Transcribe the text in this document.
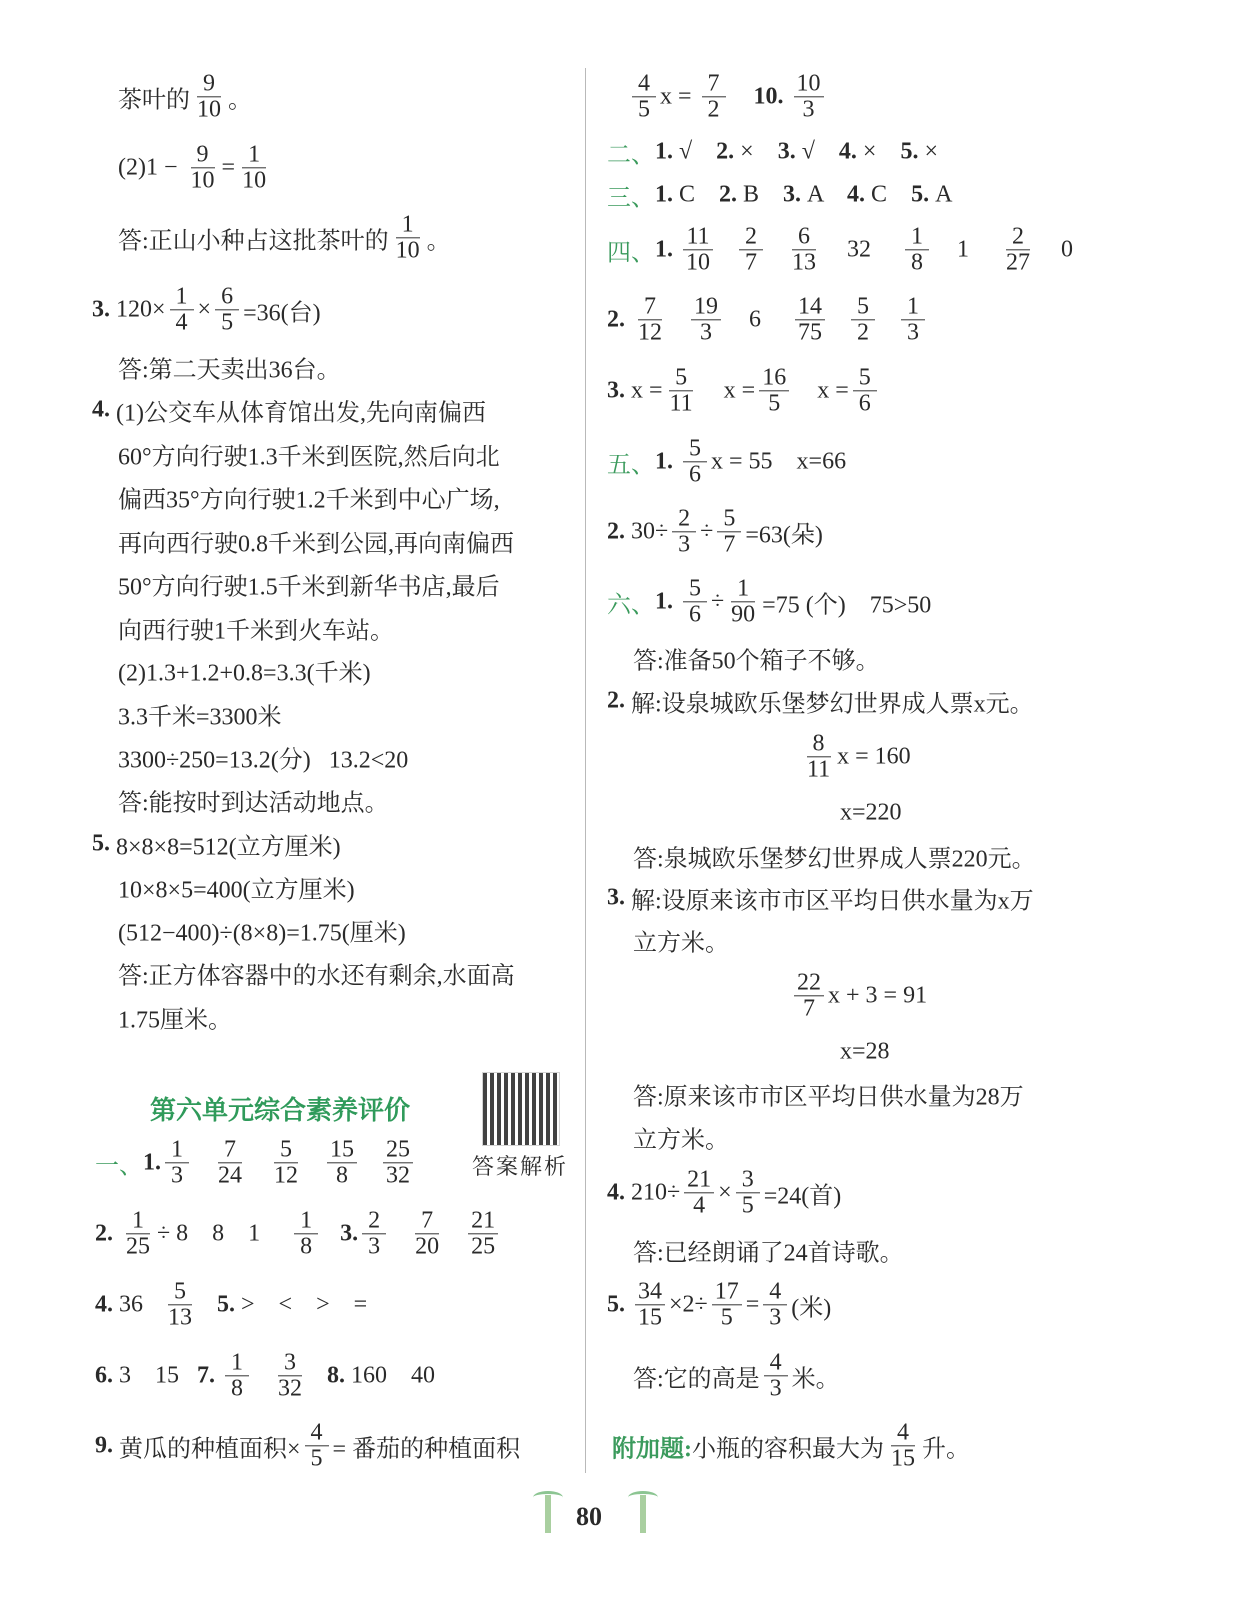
第六单元综合素养评价
答案解析
80
茶叶的 $\frac{9}{10}$ 。
$(2)1 - \frac{9}{10} = \frac{1}{10}$
答:正山小种占这批茶叶的 $\frac{1}{10}$ 。
3. $120\times \frac{1}{4} \times \frac{6}{5} =36$(台)
答:第二天卖出36台。
4. (1)公交车从体育馆出发,先向南偏西
60°方向行驶1.3千米到医院,然后向北
偏西35°方向行驶1.2千米到中心广场,
再向西行驶0.8千米到公园,再向南偏西
50°方向行驶1.5千米到新华书店,最后
向西行驶1千米到火车站。
(2)1.3+1.2+0.8=3.3(千米)
3.3千米=3300米
3300÷250=13.2(分)   13.2<20
答:能按时到达活动地点。
5. 8×8×8=512(立方厘米)
10×8×5=400(立方厘米)
(512−400)÷(8×8)=1.75(厘米)
答:正方体容器中的水还有剩余,水面高
1.75厘米。
一、 1. $\frac{1}{3} \frac{7}{24} \frac{5}{12} \frac{15}{8} \frac{25}{32}$
2. $\frac{1}{25} \div 8$    8    $1 \frac{1}{8} 3$. $\frac{2}{3} \frac{7}{20} \frac{21}{25}$
4. $36 \frac{5}{13} 5$. >    <    >    =
6. 3    15 7. $\frac{1}{8} \frac{3}{32} 8$. 160    40
9. 黄瓜的种植面积× $\frac{4}{5}$ = 番茄的种植面积
$\frac{4}{5}$ $x = \frac{7}{2} 10$. $\frac{10}{3}$
二、 1. √ 2. × 3. √ 4. × 5. ×
三、 1. C 2. B 3. A 4. C 5. A
四、 1. $\frac{11}{10} \frac{2}{7} \frac{6}{13} 32 \frac{1}{8} 1 \frac{2}{27} 0$
2. $\frac{7}{12} \frac{19}{3} 6 \frac{14}{75} \frac{5}{2} \frac{1}{3}$
3. $x = \frac{5}{11}$ $x = \frac{16}{5}$ $x = \frac{5}{6}$
五、 1. $\frac{5}{6}$ x = 55    x=66
2. $30\div \frac{2}{3} \div \frac{5}{7} =63$(朵)
六、 1. $\frac{5}{6} \div \frac{1}{90} =75$ (个)    75>50
答:准备50个箱子不够。
2. 解:设泉城欧乐堡梦幻世界成人票x元。
$\frac{8}{11}$ x = 160
x=220
答:泉城欧乐堡梦幻世界成人票220元。
3. 解:设原来该市市区平均日供水量为x万
立方米。
$\frac{22}{7}$ x + 3 = 91
x=28
答:原来该市市区平均日供水量为28万
立方米。
4. $210\div \frac{21}{4} \times \frac{3}{5} =24$(首)
答:已经朗诵了24首诗歌。
5. $\frac{34}{15} \times 2\div \frac{17}{5} = \frac{4}{3}$ (米)
答:它的高是 $\frac{4}{3}$ 米。
附加题: 小瓶的容积最大为 $\frac{4}{15}$ 升。
